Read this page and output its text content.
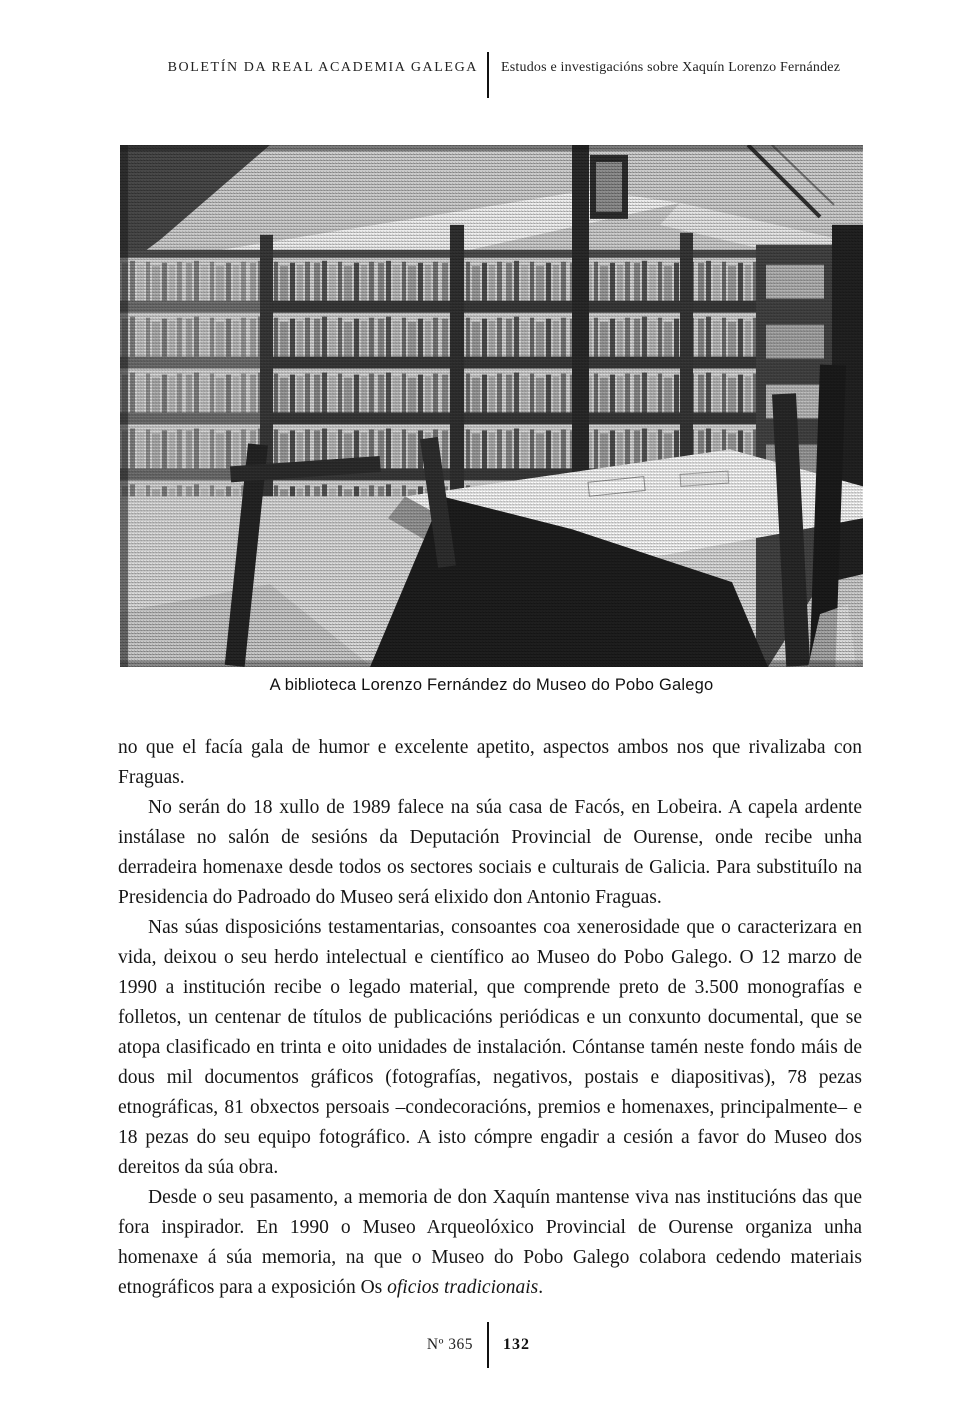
BOLETÍN DA REAL ACADEMIA GALEGA Estudos e investigacións sobre Xaquín Lorenzo Fernández
A biblioteca Lorenzo Fernández do Museo do Pobo Galego

no que el facía gala de humor e excelente apetito, aspectos ambos nos que rivalizaba con Fraguas.

No serán do 18 xullo de 1989 falece na súa casa de Facós, en Lobeira. A capela ardente instálase no salón de sesións da Deputación Provincial de Ourense, onde recibe unha derradeira homenaxe desde todos os sectores sociais e culturais de Galicia. Para substituílo na Presidencia do Padroado do Museo será elixido don Antonio Fraguas.

Nas súas disposicións testamentarias, consoantes coa xenerosidade que o caracterizara en vida, deixou o seu herdo intelectual e científico ao Museo do Pobo Galego. O 12 marzo de 1990 a institución recibe o legado material, que comprende preto de 3.500 monografías e folletos, un centenar de títulos de publicacións periódicas e un conxunto documental, que se atopa clasificado en trinta e oito unidades de instalación. Cóntanse tamén neste fondo máis de dous mil documentos gráficos (fotografías, negativos, postais e diapositivas), 78 pezas etnográficas, 81 obxectos persoais –condecoracións, premios e homenaxes, principalmente– e 18 pezas do seu equipo fotográfico. A isto cómpre engadir a cesión a favor do Museo dos dereitos da súa obra.

Desde o seu pasamento, a memoria de don Xaquín mantense viva nas institucións das que fora inspirador. En 1990 o Museo Arqueolóxico Provincial de Ourense organiza unha homenaxe á súa memoria, na que o Museo do Pobo Galego colabora cedendo materiais etnográficos para a exposición Os oficios tradicionais.

Nº 365 132
